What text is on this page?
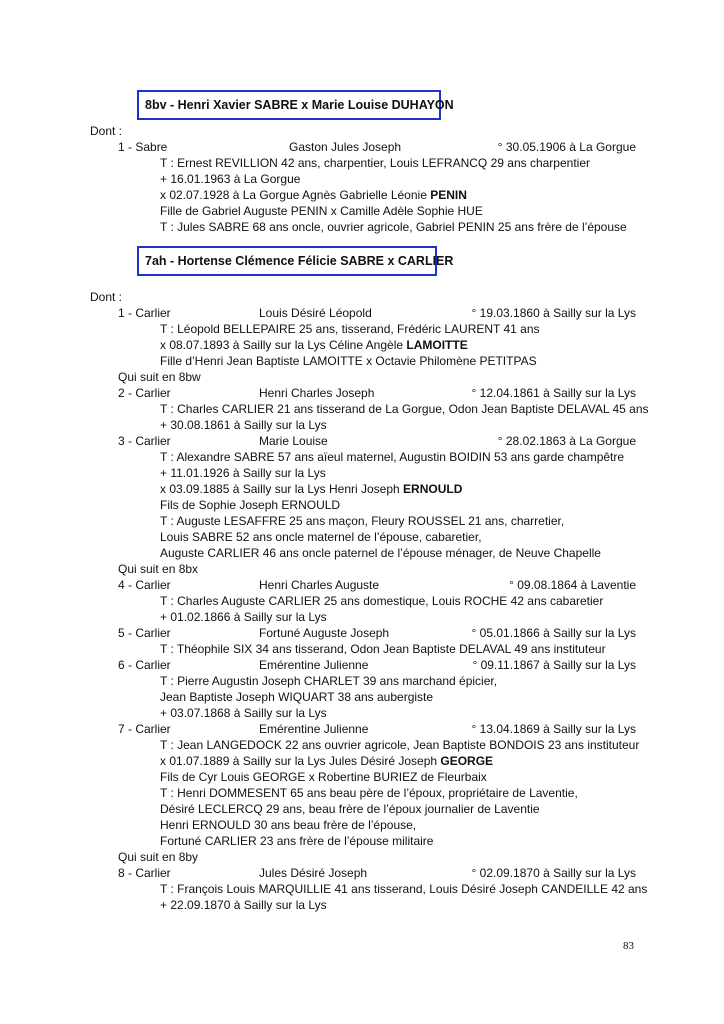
8bv - Henri Xavier SABRE x Marie Louise DUHAYON
Dont :
1 - Sabre	Gaston Jules Joseph	° 30.05.1906 à La Gorgue
T : Ernest REVILLION 42 ans, charpentier, Louis LEFRANCQ 29 ans charpentier
+ 16.01.1963 à La Gorgue
x 02.07.1928 à La Gorgue Agnès Gabrielle Léonie PENIN
Fille de Gabriel Auguste PENIN x Camille Adèle Sophie HUE
T : Jules SABRE 68 ans oncle, ouvrier agricole, Gabriel PENIN 25 ans frère de l’épouse
7ah - Hortense Clémence Félicie SABRE x CARLIER
Dont :
1 - Carlier	Louis Désiré Léopold	° 19.03.1860 à Sailly sur la Lys
T : Léopold BELLEPAIRE 25 ans, tisserand, Frédéric LAURENT 41 ans
x 08.07.1893 à Sailly sur la Lys Céline Angèle LAMOITTE
Fille d’Henri Jean Baptiste LAMOITTE x Octavie Philomène PETITPAS
Qui suit en 8bw
2 - Carlier	Henri Charles Joseph	° 12.04.1861 à Sailly sur la Lys
T : Charles CARLIER 21 ans tisserand de La Gorgue, Odon Jean Baptiste DELAVAL 45 ans
+ 30.08.1861 à Sailly sur la Lys
3 - Carlier	Marie Louise	° 28.02.1863 à La Gorgue
T : Alexandre SABRE 57 ans aïeul maternel, Augustin BOIDIN 53 ans garde champêtre
+ 11.01.1926 à Sailly sur la Lys
x 03.09.1885 à Sailly sur la Lys Henri Joseph ERNOULD
Fils de Sophie Joseph ERNOULD
T : Auguste LESAFFRE 25 ans maçon, Fleury ROUSSEL 21 ans, charretier,
Louis SABRE 52 ans oncle maternel de l’épouse, cabaretier,
Auguste CARLIER 46 ans oncle paternel de l’épouse ménager, de Neuve Chapelle
Qui suit en 8bx
4 - Carlier	Henri Charles Auguste	° 09.08.1864 à Laventie
T : Charles Auguste CARLIER 25 ans domestique, Louis ROCHE 42 ans cabaretier
+ 01.02.1866 à Sailly sur la Lys
5 - Carlier	Fortuné Auguste Joseph	° 05.01.1866 à Sailly sur la Lys
T : Théophile SIX 34 ans tisserand, Odon Jean Baptiste DELAVAL 49 ans instituteur
6 - Carlier	Emérentine Julienne	° 09.11.1867 à Sailly sur la Lys
T : Pierre Augustin Joseph CHARLET 39 ans marchand épicier,
Jean Baptiste Joseph WIQUART 38 ans aubergiste
+ 03.07.1868 à Sailly sur la Lys
7 - Carlier	Emérentine Julienne	° 13.04.1869 à Sailly sur la Lys
T : Jean LANGEDOCK 22 ans ouvrier agricole, Jean Baptiste BONDOIS 23 ans instituteur
x 01.07.1889 à Sailly sur la Lys Jules Désiré Joseph GEORGE
Fils de Cyr Louis GEORGE x Robertine BURIEZ de Fleurbaix
T : Henri DOMMESENT 65 ans beau père de l’époux, propriétaire de Laventie,
Désiré LECLERCQ 29 ans, beau frère de l’époux journalier de Laventie
Henri ERNOULD 30 ans beau frère de l’épouse,
Fortuné CARLIER 23 ans frère de l’épouse militaire
Qui suit en 8by
8 - Carlier	Jules Désiré Joseph	° 02.09.1870 à Sailly sur la Lys
T : François Louis MARQUILLIE 41 ans tisserand, Louis Désiré Joseph CANDEILLE 42 ans
+ 22.09.1870 à Sailly sur la Lys
83
